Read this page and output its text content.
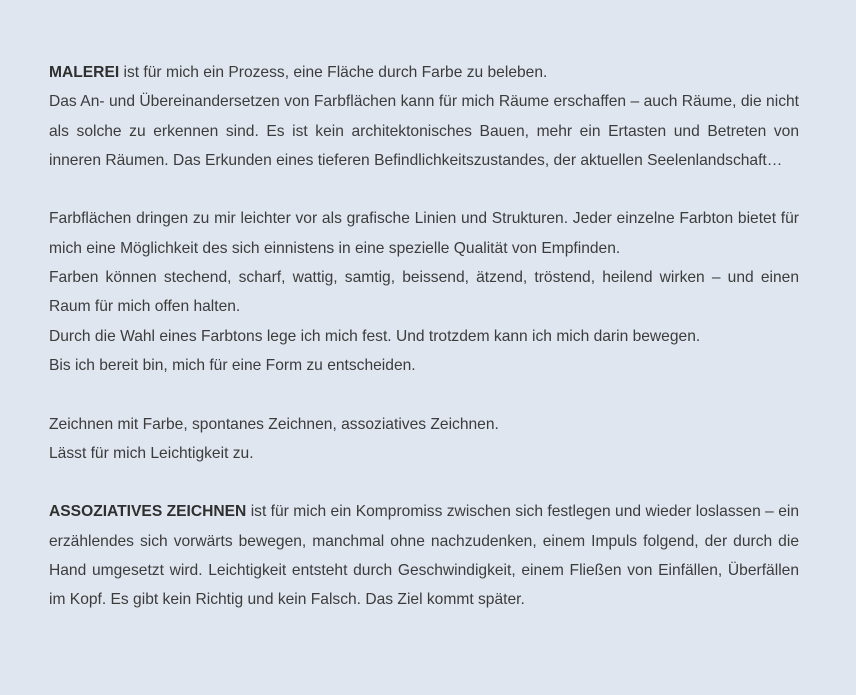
MALEREI ist für mich ein Prozess, eine Fläche durch Farbe zu beleben.

Das An- und Übereinandersetzen von Farbflächen kann für mich Räume erschaffen – auch Räume, die nicht als solche zu erkennen sind. Es ist kein architektonisches Bauen, mehr ein Ertasten und Betreten von inneren Räumen. Das Erkunden eines tieferen Befindlichkeitszustandes, der aktuellen Seelenlandschaft…

Farbflächen dringen zu mir leichter vor als grafische Linien und Strukturen. Jeder einzelne Farbton bietet für mich eine Möglichkeit des sich einnistens in eine spezielle Qualität von Empfinden.

Farben können stechend, scharf, wattig, samtig, beissend, ätzend, tröstend, heilend wirken – und einen Raum für mich offen halten.

Durch die Wahl eines Farbtons lege ich mich fest. Und trotzdem kann ich mich darin bewegen.

Bis ich bereit bin, mich für eine Form zu entscheiden.

Zeichnen mit Farbe, spontanes Zeichnen, assoziatives Zeichnen.

Lässt für mich Leichtigkeit zu.

ASSOZIATIVES ZEICHNEN ist für mich ein Kompromiss zwischen sich festlegen und wieder loslassen – ein erzählendes sich vorwärts bewegen, manchmal ohne nachzudenken, einem Impuls folgend, der durch die Hand umgesetzt wird. Leichtigkeit entsteht durch Geschwindigkeit, einem Fließen von Einfällen, Überfällen im Kopf. Es gibt kein Richtig und kein Falsch. Das Ziel kommt später.
